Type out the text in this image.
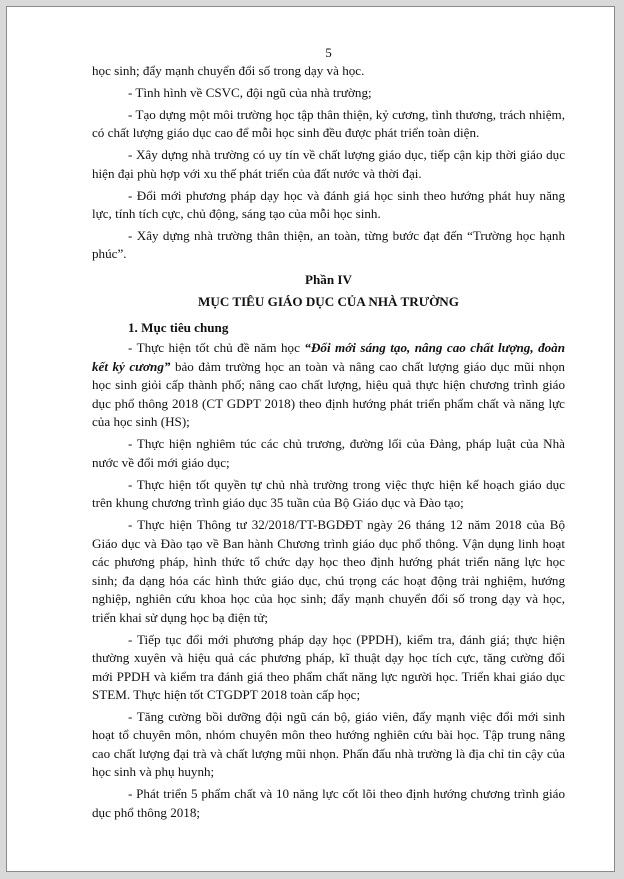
5

học sinh; đẩy mạnh chuyển đổi số trong dạy và học.

- Tình hình về CSVC, đội ngũ của nhà trường;

- Tạo dựng một môi trường học tập thân thiện, kỷ cương, tình thương, trách nhiệm, có chất lượng giáo dục cao để mỗi học sinh đều được phát triển toàn diện.

- Xây dựng nhà trường có uy tín về chất lượng giáo dục, tiếp cận kịp thời giáo dục hiện đại phù hợp với xu thế phát triển của đất nước và thời đại.

- Đổi mới phương pháp dạy học và đánh giá học sinh theo hướng phát huy năng lực, tính tích cực, chủ động, sáng tạo của mỗi học sinh.

- Xây dựng nhà trường thân thiện, an toàn, từng bước đạt đến “Trường học hạnh phúc”.

Phần IV
MỤC TIÊU GIÁO DỤC CỦA NHÀ TRƯỜNG
1. Mục tiêu chung

- Thực hiện tốt chủ đề năm học “Đổi mới sáng tạo, nâng cao chất lượng, đoàn kết kỷ cương” bảo đảm trường học an toàn và nâng cao chất lượng giáo dục mũi nhọn học sinh giỏi cấp thành phố; nâng cao chất lượng, hiệu quả thực hiện chương trình giáo dục phổ thông 2018 (CT GDPT 2018) theo định hướng phát triển phẩm chất và năng lực của học sinh (HS);

- Thực hiện nghiêm túc các chủ trương, đường lối của Đảng, pháp luật của Nhà nước về đổi mới giáo dục;

- Thực hiện tốt quyền tự chủ nhà trường trong việc thực hiện kế hoạch giáo dục trên khung chương trình giáo dục 35 tuần của Bộ Giáo dục và Đào tạo;

- Thực hiện Thông tư 32/2018/TT-BGDĐT ngày 26 tháng 12 năm 2018 của Bộ Giáo dục và Đào tạo về Ban hành Chương trình giáo dục phổ thông. Vận dụng linh hoạt các phương pháp, hình thức tổ chức dạy học theo định hướng phát triển năng lực học sinh; đa dạng hóa các hình thức giáo dục, chú trọng các hoạt động trải nghiệm, hướng nghiệp, nghiên cứu khoa học của học sinh; đẩy mạnh chuyển đổi số trong dạy và học, triển khai sử dụng học bạ điện tử;

- Tiếp tục đổi mới phương pháp dạy học (PPDH), kiểm tra, đánh giá; thực hiện thường xuyên và hiệu quả các phương pháp, kĩ thuật dạy học tích cực, tăng cường đổi mới PPDH và kiểm tra đánh giá theo phẩm chất năng lực người học. Triển khai giáo dục STEM. Thực hiện tốt CTGDPT 2018 toàn cấp học;

- Tăng cường bồi dưỡng đội ngũ cán bộ, giáo viên, đẩy mạnh việc đổi mới sinh hoạt tổ chuyên môn, nhóm chuyên môn theo hướng nghiên cứu bài học. Tập trung nâng cao chất lượng đại trà và chất lượng mũi nhọn. Phấn đấu nhà trường là địa chỉ tin cậy của học sinh và phụ huynh;

- Phát triển 5 phẩm chất và 10 năng lực cốt lõi theo định hướng chương trình giáo dục phổ thông 2018;
